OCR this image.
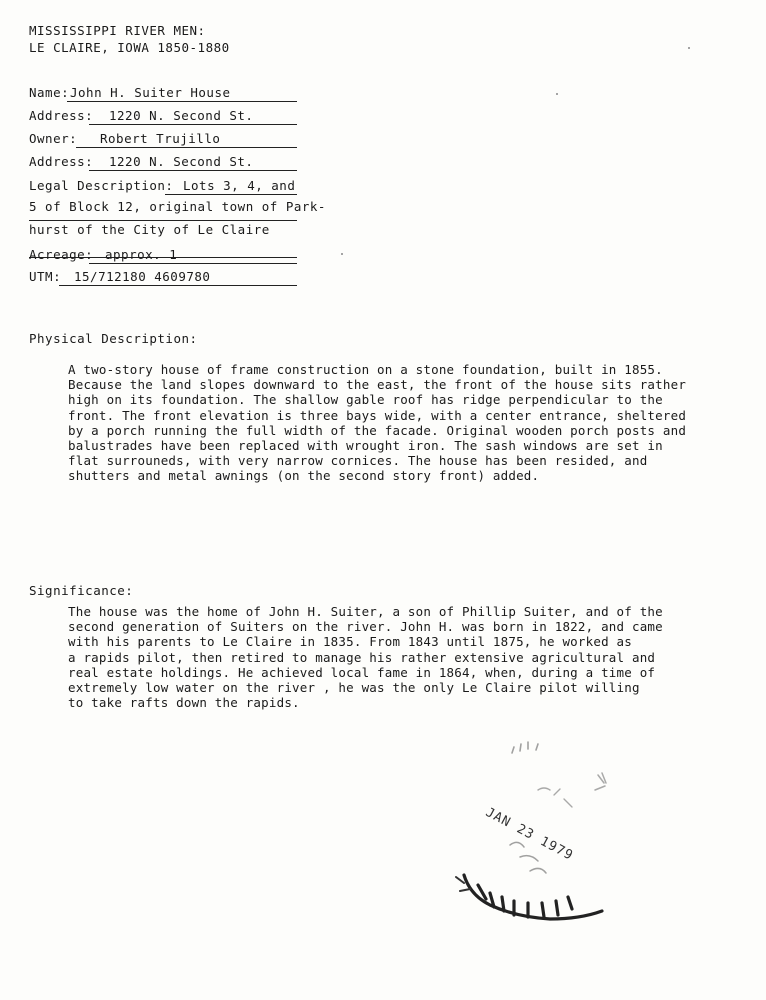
MISSISSIPPI RIVER MEN:
LE CLAIRE, IOWA 1850-1880
Name: John H. Suiter House
Address: 1220 N. Second St.
Owner: Robert Trujillo
Address: 1220 N. Second St.
Legal Description: Lots 3, 4, and
5 of Block 12, original town of Park-
hurst of the City of Le Claire
Acreage: approx. 1
UTM: 15/712180 4609780
Physical Description:
A two-story house of frame construction on a stone foundation, built in 1855.
Because the land slopes downward to the east, the front of the house sits rather
high on its foundation. The shallow gable roof has ridge perpendicular to the
front. The front elevation is three bays wide, with a center entrance, sheltered
by a porch running the full width of the facade. Original wooden porch posts and
balustrades have been replaced with wrought iron. The sash windows are set in
flat surrouneds, with very narrow cornices. The house has been resided, and
shutters and metal awnings (on the second story front) added.
Significance:
The house was the home of John H. Suiter, a son of Phillip Suiter, and of the
second generation of Suiters on the river. John H. was born in 1822, and came
with his parents to Le Claire in 1835. From 1843 until 1875, he worked as
a rapids pilot, then retired to manage his rather extensive agricultural and
real estate holdings. He achieved local fame in 1864, when, during a time of
extremely low water on the river , he was the only Le Claire pilot willing
to take rafts down the rapids.
JAN 23 1979
